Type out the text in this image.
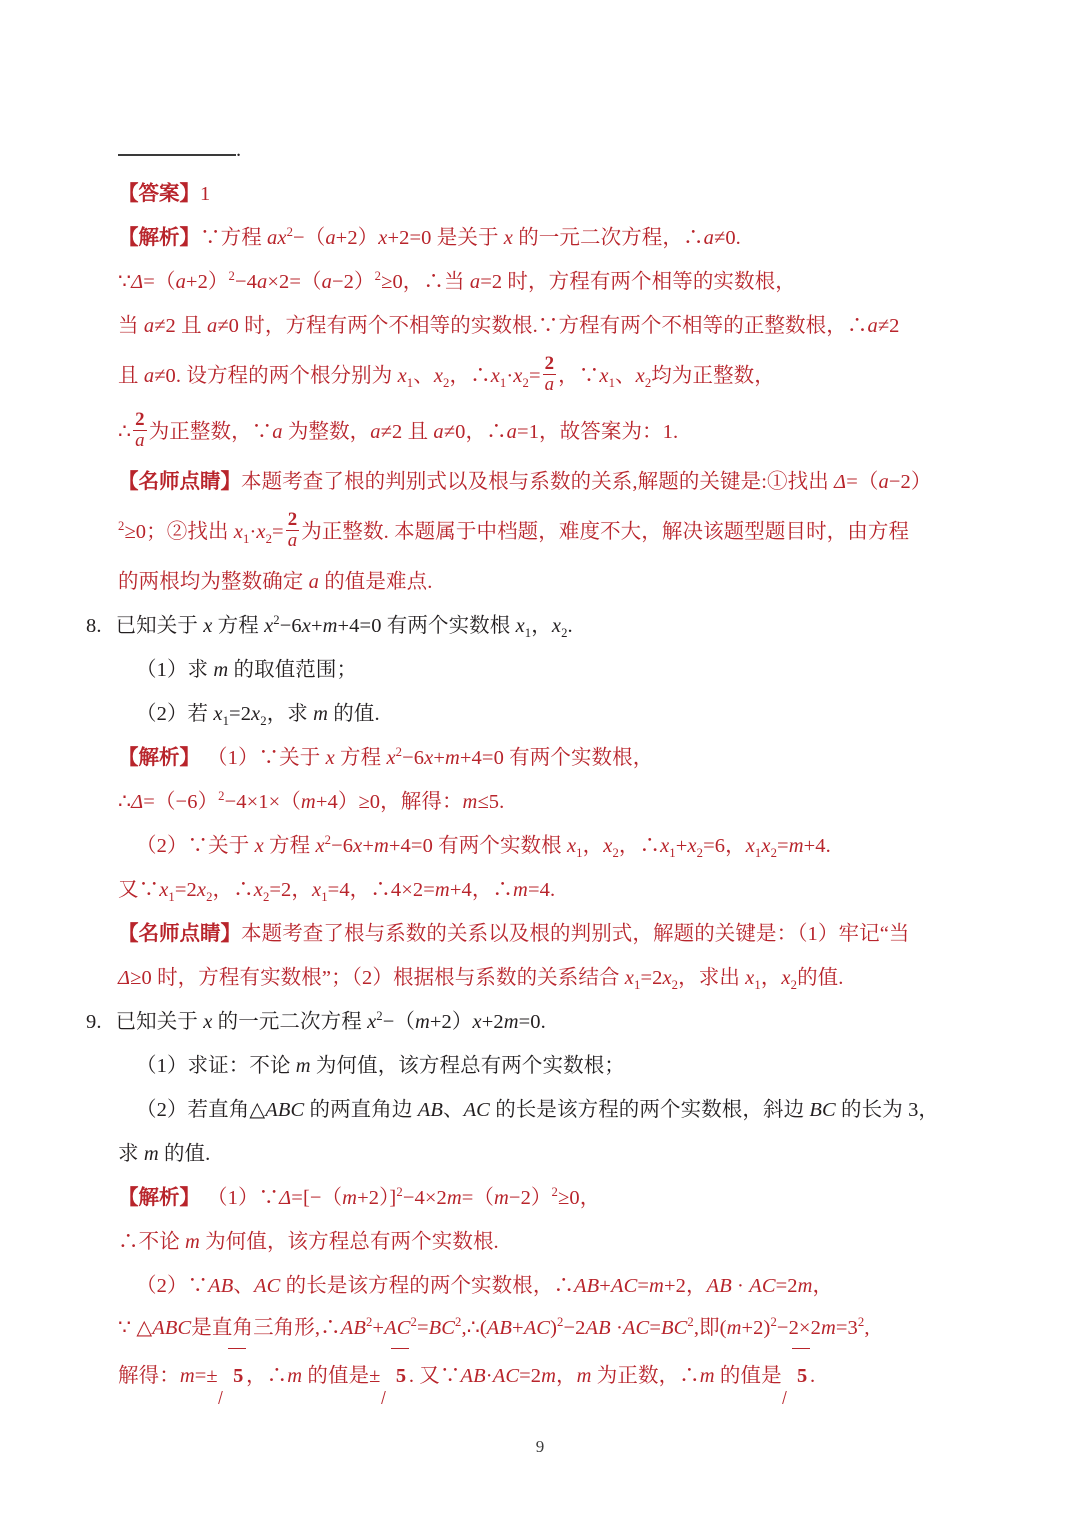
.
【答案】1
【解析】∵方程 $ax^2-(a+2)x+2=0$ 是关于 x 的一元二次方程，∴a≠0.
$\because\Delta=(a+2)^2-4a\times 2=(a-2)^2\ge 0$，∴当 a=2 时，方程有两个相等的实数根，
当 a≠2 且 a≠0 时，方程有两个不相等的实数根.∵方程有两个不相等的正整数根，∴a≠2
且 a≠0. 设方程的两个根分别为 $x_1$、$x_2$，$\therefore x_1\cdot x_2= \frac{2}{a}$ ，$\because x_1$、$x_2$均为正整数，
∴ $\frac{2}{a}$ 为正整数，∵a 为整数，a≠2 且 a≠0，∴a=1，故答案为：1.
【名师点睛】本题考查了根的判别式以及根与系数的关系,解题的关键是:①找出 Δ=（a−2）
$^2$≥0；②找出 $x_1\cdot x_2= \frac{2}{a}$ 为正整数. 本题属于中档题，难度不大，解决该题型题目时，由方程
的两根均为整数确定 a 的值是难点.
8. 已知关于 x 方程 $x^2-6x+m+4=0$ 有两个实数根 $x_1$，$x_2$.
（1）求 m 的取值范围；
（2）若 $x_1=2x_2$，求 m 的值.
【解析】 （1）∵关于 x 方程 $x^2-6x+m+4=0$ 有两个实数根，
$\therefore\Delta=(-6)^2-4\times 1\times(m+4)\ge 0$，解得：m≤5.
（2）∵关于 x 方程 $x^2-6x+m+4=0$ 有两个实数根 $x_1$，$x_2$，$\therefore x_1+x_2=6$，$x_1x_2=m+4$.
又$\because x_1=2x_2$，$\therefore x_2=2$，$x_1=4$，∴4×2=m+4，∴m=4.
【名师点睛】本题考查了根与系数的关系以及根的判别式，解题的关键是：（1）牢记“当
Δ≥0 时，方程有实数根”；（2）根据根与系数的关系结合 $x_1=2x_2$，求出 $x_1$，$x_2$的值.
9. 已知关于 x 的一元二次方程 $x^2-(m+2)x+2m=0$.
（1）求证：不论 m 为何值，该方程总有两个实数根；
（2）若直角△ABC 的两直角边 AB、AC 的长是该方程的两个实数根，斜边 BC 的长为 3，
求 m 的值.
【解析】 $(1)\because\Delta=[-(m+2)]^2-4\times 2m=(m-2)^2\ge 0$，
∴不论 m 为何值，该方程总有两个实数根.
（2）∵AB、AC 的长是该方程的两个实数根，∴AB+AC=m+2，AB · AC=2m，
∵ △ABC是直角三角形$,\therefore AB^2+AC^2=BC^2,\therefore(AB+AC)^2-2AB \cdot AC=BC^2$,即$(m+2)^2-2\times 2m=3^2$,
解得：m=± 5 ，∴m 的值是± 5 . 又∵AB·AC=2m，m 为正数，∴m 的值是 5 .
9
